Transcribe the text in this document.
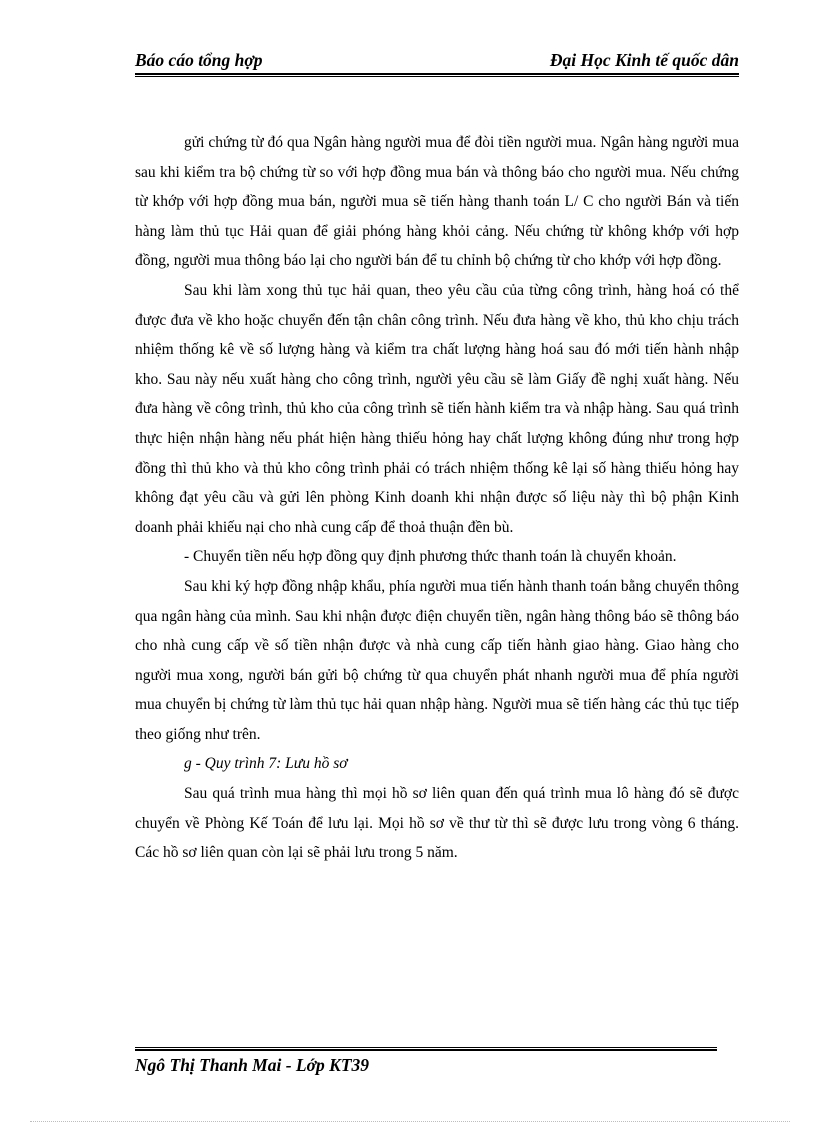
Báo cáo tổng hợp	Đại Học Kinh tế quốc dân

gửi chứng từ đó qua Ngân hàng người mua để đòi tiền người mua. Ngân hàng người mua sau khi kiểm tra bộ chứng từ so với hợp đồng mua bán và thông báo cho người mua. Nếu chứng từ khớp với hợp đồng mua bán, người mua sẽ tiến hàng thanh toán L/ C cho người Bán và tiến hàng làm thủ tục Hải quan để giải phóng hàng khỏi cảng. Nếu chứng từ không khớp với hợp đồng, người mua thông báo lại cho người bán để tu chỉnh bộ chứng từ cho khớp với hợp đồng.

Sau khi làm xong thủ tục hải quan, theo yêu cầu của từng công trình, hàng hoá có thể được đưa về kho hoặc chuyển đến tận chân công trình. Nếu đưa hàng về kho, thủ kho chịu trách nhiệm thống kê về số lượng hàng và kiểm tra chất lượng hàng hoá sau đó mới tiến hành nhập kho. Sau này nếu xuất hàng cho công trình, người yêu cầu sẽ làm Giấy đề nghị xuất hàng. Nếu đưa hàng về công trình, thủ kho của công trình sẽ tiến hành kiểm tra và nhập hàng. Sau quá trình thực hiện nhận hàng nếu phát hiện hàng thiếu hỏng hay chất lượng không đúng như trong hợp đồng thì thủ kho và thủ kho công trình phải có trách nhiệm thống kê lại số hàng thiếu hỏng hay không đạt yêu cầu và gửi lên phòng Kinh doanh khi nhận được số liệu này thì bộ phận Kinh doanh phải khiếu nại cho nhà cung cấp để thoả thuận đền bù.

- Chuyển tiền nếu hợp đồng quy định phương thức thanh toán là chuyển khoản.

Sau khi ký hợp đồng nhập khẩu, phía người mua tiến hành thanh toán bằng chuyển thông qua ngân hàng của mình. Sau khi nhận được điện chuyển tiền, ngân hàng thông báo sẽ thông báo cho nhà cung cấp về số tiền nhận được và nhà cung cấp tiến hành giao hàng. Giao hàng cho người mua xong, người bán gửi bộ chứng từ qua chuyển phát nhanh người mua để phía người mua chuyển bị chứng từ làm thủ tục hải quan nhập hàng. Người mua sẽ tiến hàng các thủ tục tiếp theo giống như trên.

g - Quy trình 7: Lưu hồ sơ

Sau quá trình mua hàng thì mọi hồ sơ liên quan đến quá trình mua lô hàng đó sẽ được chuyển về Phòng Kế Toán để lưu lại. Mọi hồ sơ về thư từ thì sẽ được lưu trong vòng 6 tháng. Các hồ sơ liên quan còn lại sẽ phải lưu trong 5 năm.

Ngô Thị Thanh Mai - Lớp KT39
